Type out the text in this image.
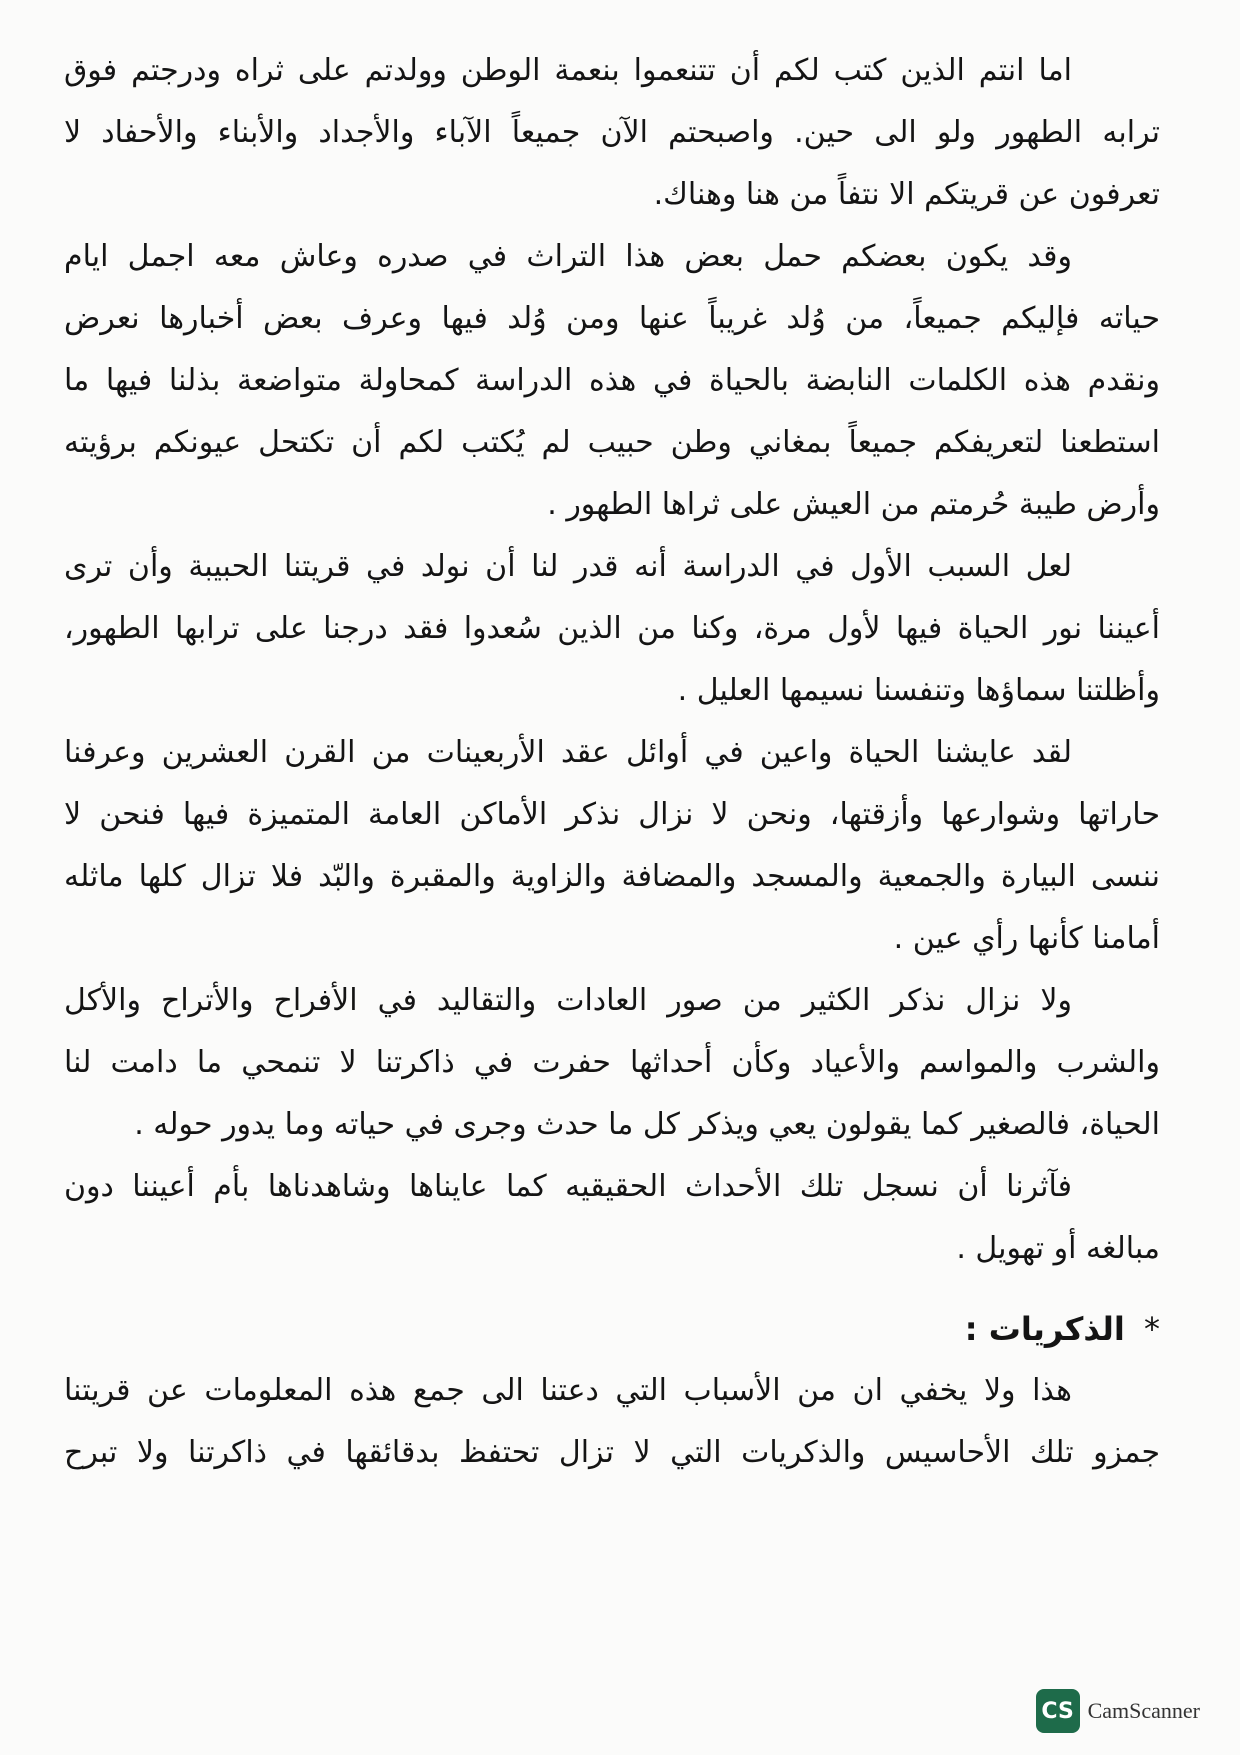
اما انتم الذين كتب لكم أن تتنعموا بنعمة الوطن وولدتم على ثراه ودرجتم فوق
ترابه الطهور ولو الى حين. واصبحتم الآن جميعاً الآباء والأجداد والأبناء والأحفاد لا
تعرفون عن قريتكم الا نتفاً من هنا وهناك.
وقد يكون بعضكم حمل بعض هذا التراث في صدره وعاش معه اجمل ايام
حياته فإليكم جميعاً، من وُلد غريباً عنها ومن وُلد فيها وعرف بعض أخبارها نعرض
ونقدم هذه الكلمات النابضة بالحياة في هذه الدراسة كمحاولة متواضعة بذلنا فيها ما
استطعنا لتعريفكم جميعاً بمغاني وطن حبيب لم يُكتب لكم أن تكتحل عيونكم برؤيته
وأرض طيبة حُرمتم من العيش على ثراها الطهور .
لعل السبب الأول في الدراسة أنه قدر لنا أن نولد في قريتنا الحبيبة وأن ترى
أعيننا نور الحياة فيها لأول مرة، وكنا من الذين سُعدوا فقد درجنا على ترابها الطهور،
وأظلتنا سماؤها وتنفسنا نسيمها العليل .
لقد عايشنا الحياة واعين في أوائل عقد الأربعينات من القرن العشرين وعرفنا
حاراتها وشوارعها وأزقتها، ونحن لا نزال نذكر الأماكن العامة المتميزة فيها فنحن لا
ننسى البيارة والجمعية والمسجد والمضافة والزاوية والمقبرة والبّد فلا تزال كلها ماثله
أمامنا كأنها رأي عين .
ولا نزال نذكر الكثير من صور العادات والتقاليد في الأفراح والأتراح والأكل
والشرب والمواسم والأعياد وكأن أحداثها حفرت في ذاكرتنا لا تنمحي ما دامت لنا
الحياة، فالصغير كما يقولون يعي ويذكر كل ما حدث وجرى في حياته وما يدور حوله .
فآثرنا أن نسجل تلك الأحداث الحقيقيه كما عايناها وشاهدناها بأم أعيننا دون
مبالغه أو تهويل .
* الذكريات :
هذا ولا يخفي ان من الأسباب التي دعتنا الى جمع هذه المعلومات عن قريتنا
جمزو تلك الأحاسيس والذكريات التي لا تزال تحتفظ بدقائقها في ذاكرتنا ولا تبرح
CS CamScanner
